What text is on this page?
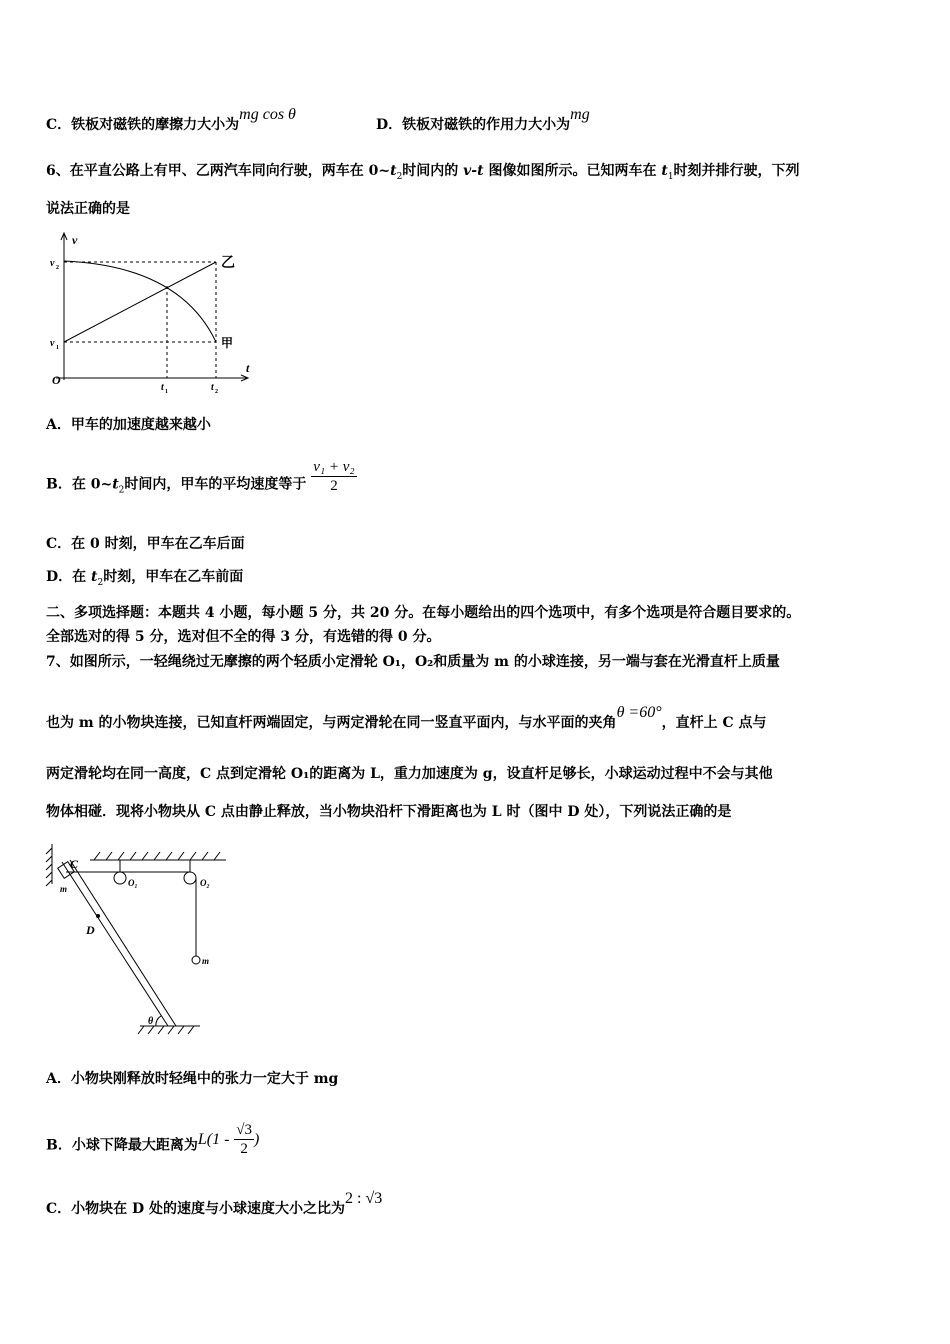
C．铁板对磁铁的摩擦力大小为mg cos θ
D．铁板对磁铁的作用力大小为mg
6、在平直公路上有甲、乙两汽车同向行驶，两车在 $0\sim t_2$时间内的 v-t 图像如图所示。已知两车在 $t_1$时刻并排行驶，下列
说法正确的是
v
t
O
v 2
v 1
t 1	t 2
乙
甲
A．甲车的加速度越来越小
B．在 $0\sim t_2$时间内，甲车的平均速度等于 $\frac{\text{v₁ + v₂}}{2}$
C．在 0 时刻，甲车在乙车后面
D．在 $t_2$时刻，甲车在乙车前面
二、多项选择题：本题共 4 小题，每小题 5 分，共 20 分。在每小题给出的四个选项中，有多个选项是符合题目要求的。
全部选对的得 5 分，选对但不全的得 3 分，有选错的得 0 分。
7、如图所示，一轻绳绕过无摩擦的两个轻质小定滑轮 O₁，O₂和质量为 m 的小球连接，另一端与套在光滑直杆上质量
也为 m 的小物块连接，已知直杆两端固定，与两定滑轮在同一竖直平面内，与水平面的夹角θ =60°，直杆上 C 点与
两定滑轮均在同一高度，C 点到定滑轮 O₁的距离为 L，重力加速度为 g，设直杆足够长，小球运动过程中不会与其他
物体相碰．现将小物块从 C 点由静止释放，当小物块沿杆下滑距离也为 L 时（图中 D 处），下列说法正确的是
C
m
D
O₁	O₂
m
θ
A．小物块刚释放时轻绳中的张力一定大于 mg
B．小球下降最大距离为$L(1 - \frac{√3}{2}$ )
C．小物块在 D 处的速度与小球速度大小之比为2 : √3
